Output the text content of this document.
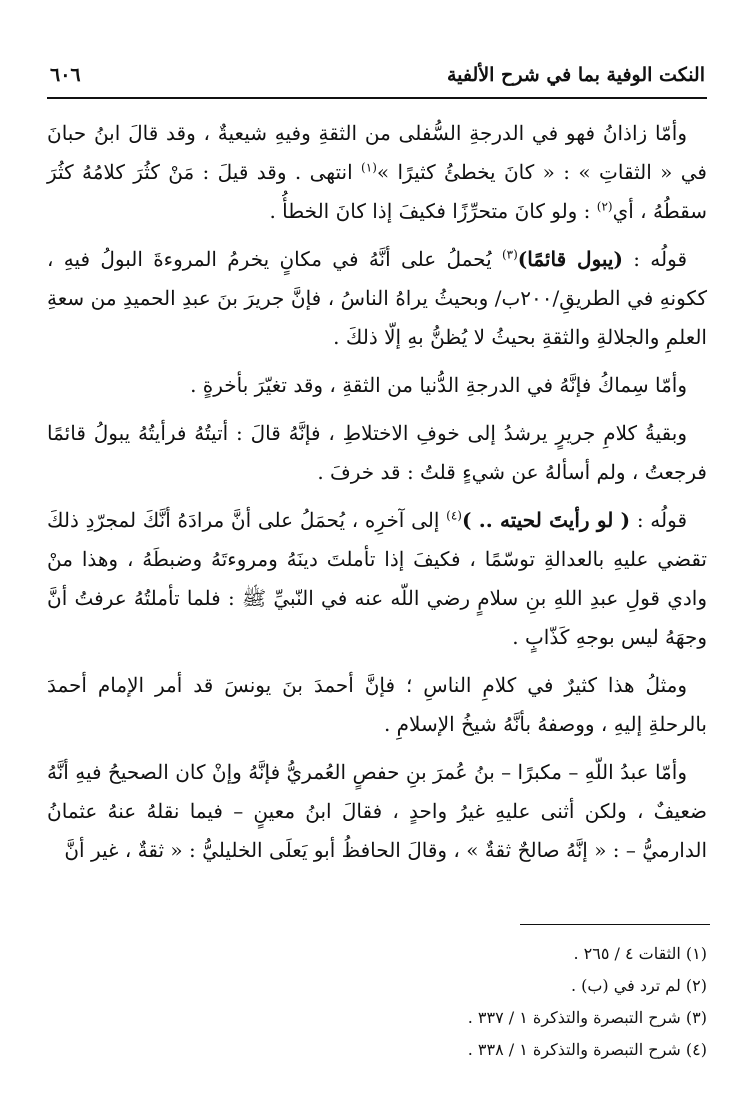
النكت الوفية بما في شرح الألفية
٦٠٦

وأمّا زاذانُ فهو في الدرجةِ السُّفلى من الثقةِ وفيهِ شيعيةٌ ، وقد قالَ ابنُ حبانَ في « الثقاتِ » : « كانَ يخطئُ كثيرًا »$^{(١)}$ انتهى . وقد قيلَ : مَنْ كثُرَ كلامُهُ كثُرَ سقطُهُ ، أي$^{(٢)}$ : ولو كانَ متحرِّزًا فكيفَ إذا كانَ الخطأُ .

قولُه : (يبول قائمًا)$^{(٣)}$ يُحملُ على أنَّهُ في مكانٍ يخرمُ المروءةَ البولُ فيهِ ، ككونهِ في الطريقِ/٢٠٠ب/ وبحيثُ يراهُ الناسُ ، فإنَّ جريرَ بنَ عبدِ الحميدِ من سعةِ العلمِ والجلالةِ والثقةِ بحيثُ لا يُظنُّ بهِ إلّا ذلكَ .

وأمّا سِماكُ فإنَّهُ في الدرجةِ الدُّنيا من الثقةِ ، وقد تغيّرَ بأخرةٍ .

وبقيةُ كلامِ جريرٍ يرشدُ إلى خوفِ الاختلاطِ ، فإنَّهُ قالَ : أتيتُهُ فرأيتُهُ يبولُ قائمًا فرجعتُ ، ولم أسألهُ عن شيءٍ قلتُ : قد خرفَ .

قولُه : ( لو رأيتَ لحيته .. )$^{(٤)}$ إلى آخرِه ، يُحمَلُ على أنَّ مرادَهُ أنَّكَ لمجرّدِ ذلكَ تقضي عليهِ بالعدالةِ توسّمًا ، فكيفَ إذا تأملتَ دينَهُ ومروءتَهُ وضبطَهُ ، وهذا منْ وادي قولِ عبدِ اللهِ بنِ سلامٍ رضي اللّه عنه في النّبيِّ ﷺ : فلما تأملتُهُ عرفتُ أنَّ وجهَهُ ليس بوجهِ كَذّابٍ .

ومثلُ هذا كثيرٌ في كلامِ الناسِ ؛ فإنَّ أحمدَ بنَ يونسَ قد أمر الإمام أحمدَ بالرحلةِ إليهِ ، ووصفهُ بأنَّهُ شيخُ الإسلامِ .

وأمّا عبدُ اللّهِ – مكبرًا – بنُ عُمرَ بنِ حفصٍ العُمريُّ فإنَّهُ وإنْ كان الصحيحُ فيهِ أنَّهُ ضعيفٌ ، ولكن أثنى عليهِ غيرُ واحدٍ ، فقالَ ابنُ معينٍ – فيما نقلهُ عنهُ عثمانُ الدارميُّ – : « إنَّهُ صالحٌ ثقةٌ » ، وقالَ الحافظُ أبو يَعلَى الخليليُّ : « ثقةٌ ، غير أنَّ

(١) الثقات ٤ / ٢٦٥ .

(٢) لم ترد في (ب) .

(٣) شرح التبصرة والتذكرة ١ / ٣٣٧ .

(٤) شرح التبصرة والتذكرة ١ / ٣٣٨ .
